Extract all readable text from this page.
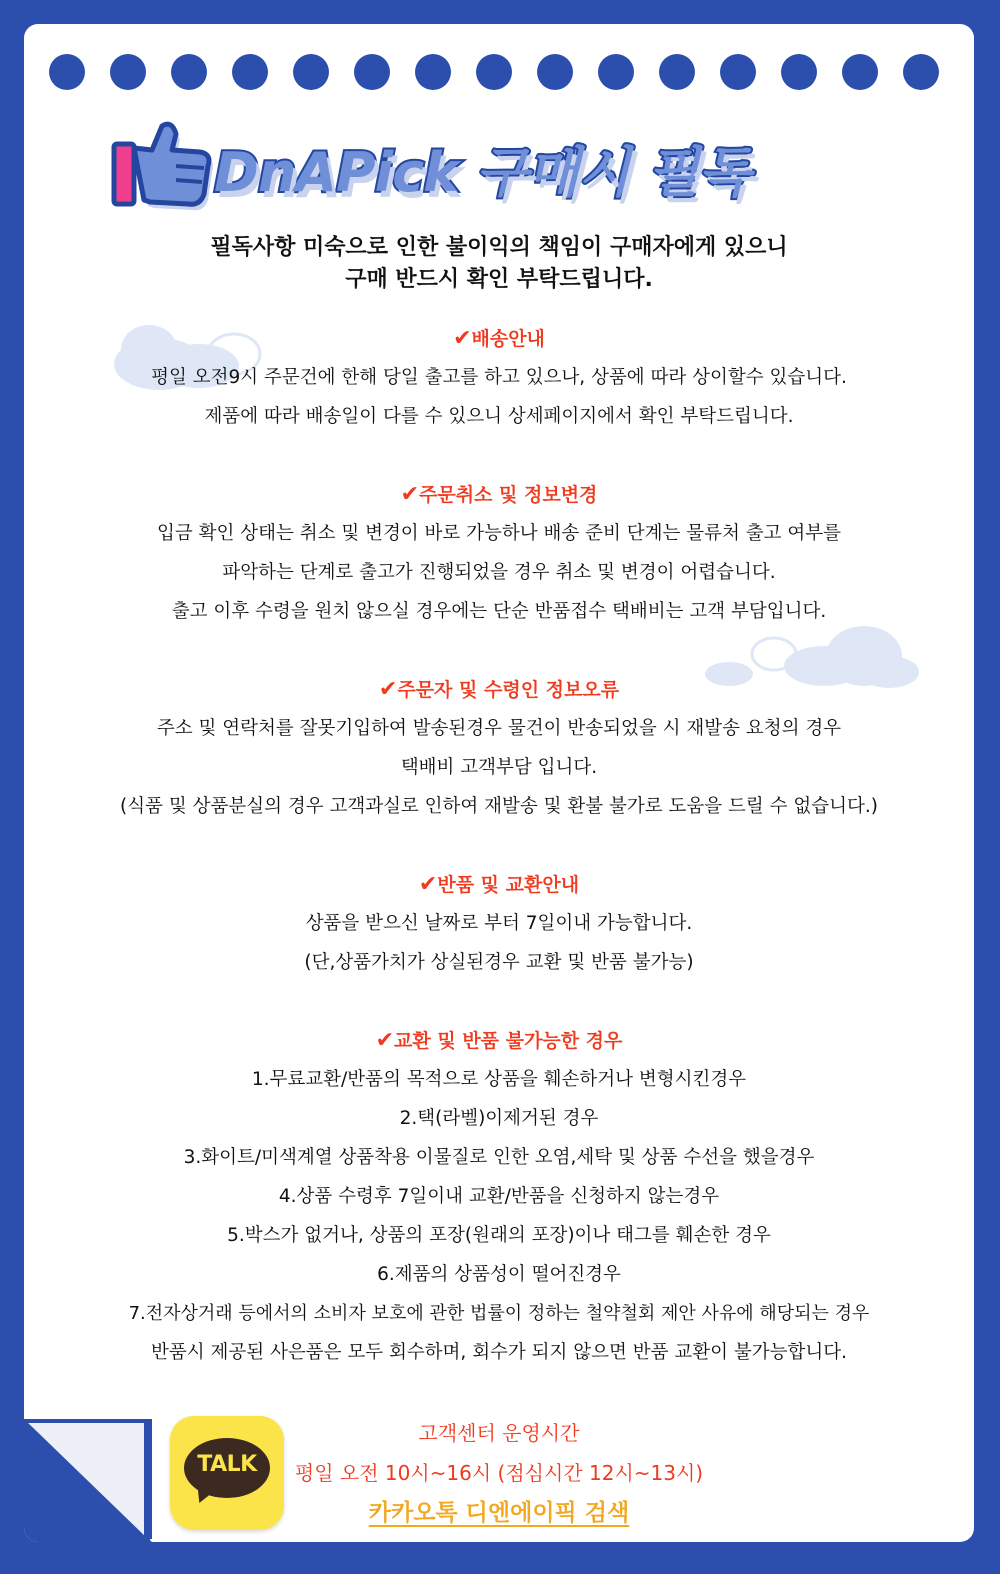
DnAPick 구매시 필독
필독사항 미숙으로 인한 불이익의 책임이 구매자에게 있으니
구매 반드시 확인 부탁드립니다.
✔배송안내
평일 오전9시 주문건에 한해 당일 출고를 하고 있으나, 상품에 따라 상이할수 있습니다.
제품에 따라 배송일이 다를 수 있으니 상세페이지에서 확인 부탁드립니다.
✔주문취소 및 정보변경
입금 확인 상태는 취소 및 변경이 바로 가능하나 배송 준비 단계는 물류처 출고 여부를
파악하는 단계로 출고가 진행되었을 경우 취소 및 변경이 어렵습니다.
출고 이후 수령을 원치 않으실 경우에는 단순 반품접수 택배비는 고객 부담입니다.
✔주문자 및 수령인 정보오류
주소 및 연락처를 잘못기입하여 발송된경우 물건이 반송되었을 시 재발송 요청의 경우
택배비 고객부담 입니다.
(식품 및 상품분실의 경우 고객과실로 인하여 재발송 및 환불 불가로 도움을 드릴 수 없습니다.)
✔반품 및 교환안내
상품을 받으신 날짜로 부터 7일이내 가능합니다.
(단,상품가치가 상실된경우 교환 및 반품 불가능)
✔교환 및 반품 불가능한 경우
1.무료교환/반품의 목적으로 상품을 훼손하거나 변형시킨경우
2.택(라벨)이제거된 경우
3.화이트/미색계열 상품착용 이물질로 인한 오염,세탁 및 상품 수선을 했을경우
4.상품 수령후 7일이내 교환/반품을 신청하지 않는경우
5.박스가 없거나, 상품의 포장(원래의 포장)이나 태그를 훼손한 경우
6.제품의 상품성이 떨어진경우
7.전자상거래 등에서의 소비자 보호에 관한 법률이 정하는 철약철회 제안 사유에 해당되는 경우
반품시 제공된 사은품은 모두 회수하며, 회수가 되지 않으면 반품 교환이 불가능합니다.
TALK
고객센터 운영시간
평일 오전 10시~16시 (점심시간 12시~13시)
카카오톡 디엔에이픽 검색
